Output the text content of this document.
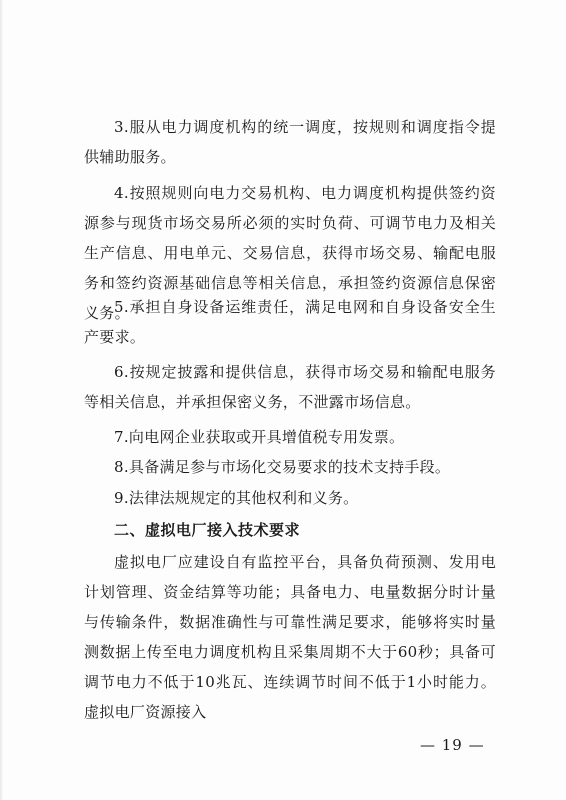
3.服从电力调度机构的统一调度，按规则和调度指令提供辅助服务。
4.按照规则向电力交易机构、电力调度机构提供签约资源参与现货市场交易所必须的实时负荷、可调节电力及相关生产信息、用电单元、交易信息，获得市场交易、输配电服务和签约资源基础信息等相关信息，承担签约资源信息保密义务。
5.承担自身设备运维责任，满足电网和自身设备安全生产要求。
6.按规定披露和提供信息，获得市场交易和输配电服务等相关信息，并承担保密义务，不泄露市场信息。
7.向电网企业获取或开具增值税专用发票。
8.具备满足参与市场化交易要求的技术支持手段。
9.法律法规规定的其他权利和义务。
二、虚拟电厂接入技术要求
虚拟电厂应建设自有监控平台，具备负荷预测、发用电计划管理、资金结算等功能；具备电力、电量数据分时计量与传输条件，数据准确性与可靠性满足要求，能够将实时量测数据上传至电力调度机构且采集周期不大于60秒；具备可调节电力不低于10兆瓦、连续调节时间不低于1小时能力。虚拟电厂资源接入
— 19 —
